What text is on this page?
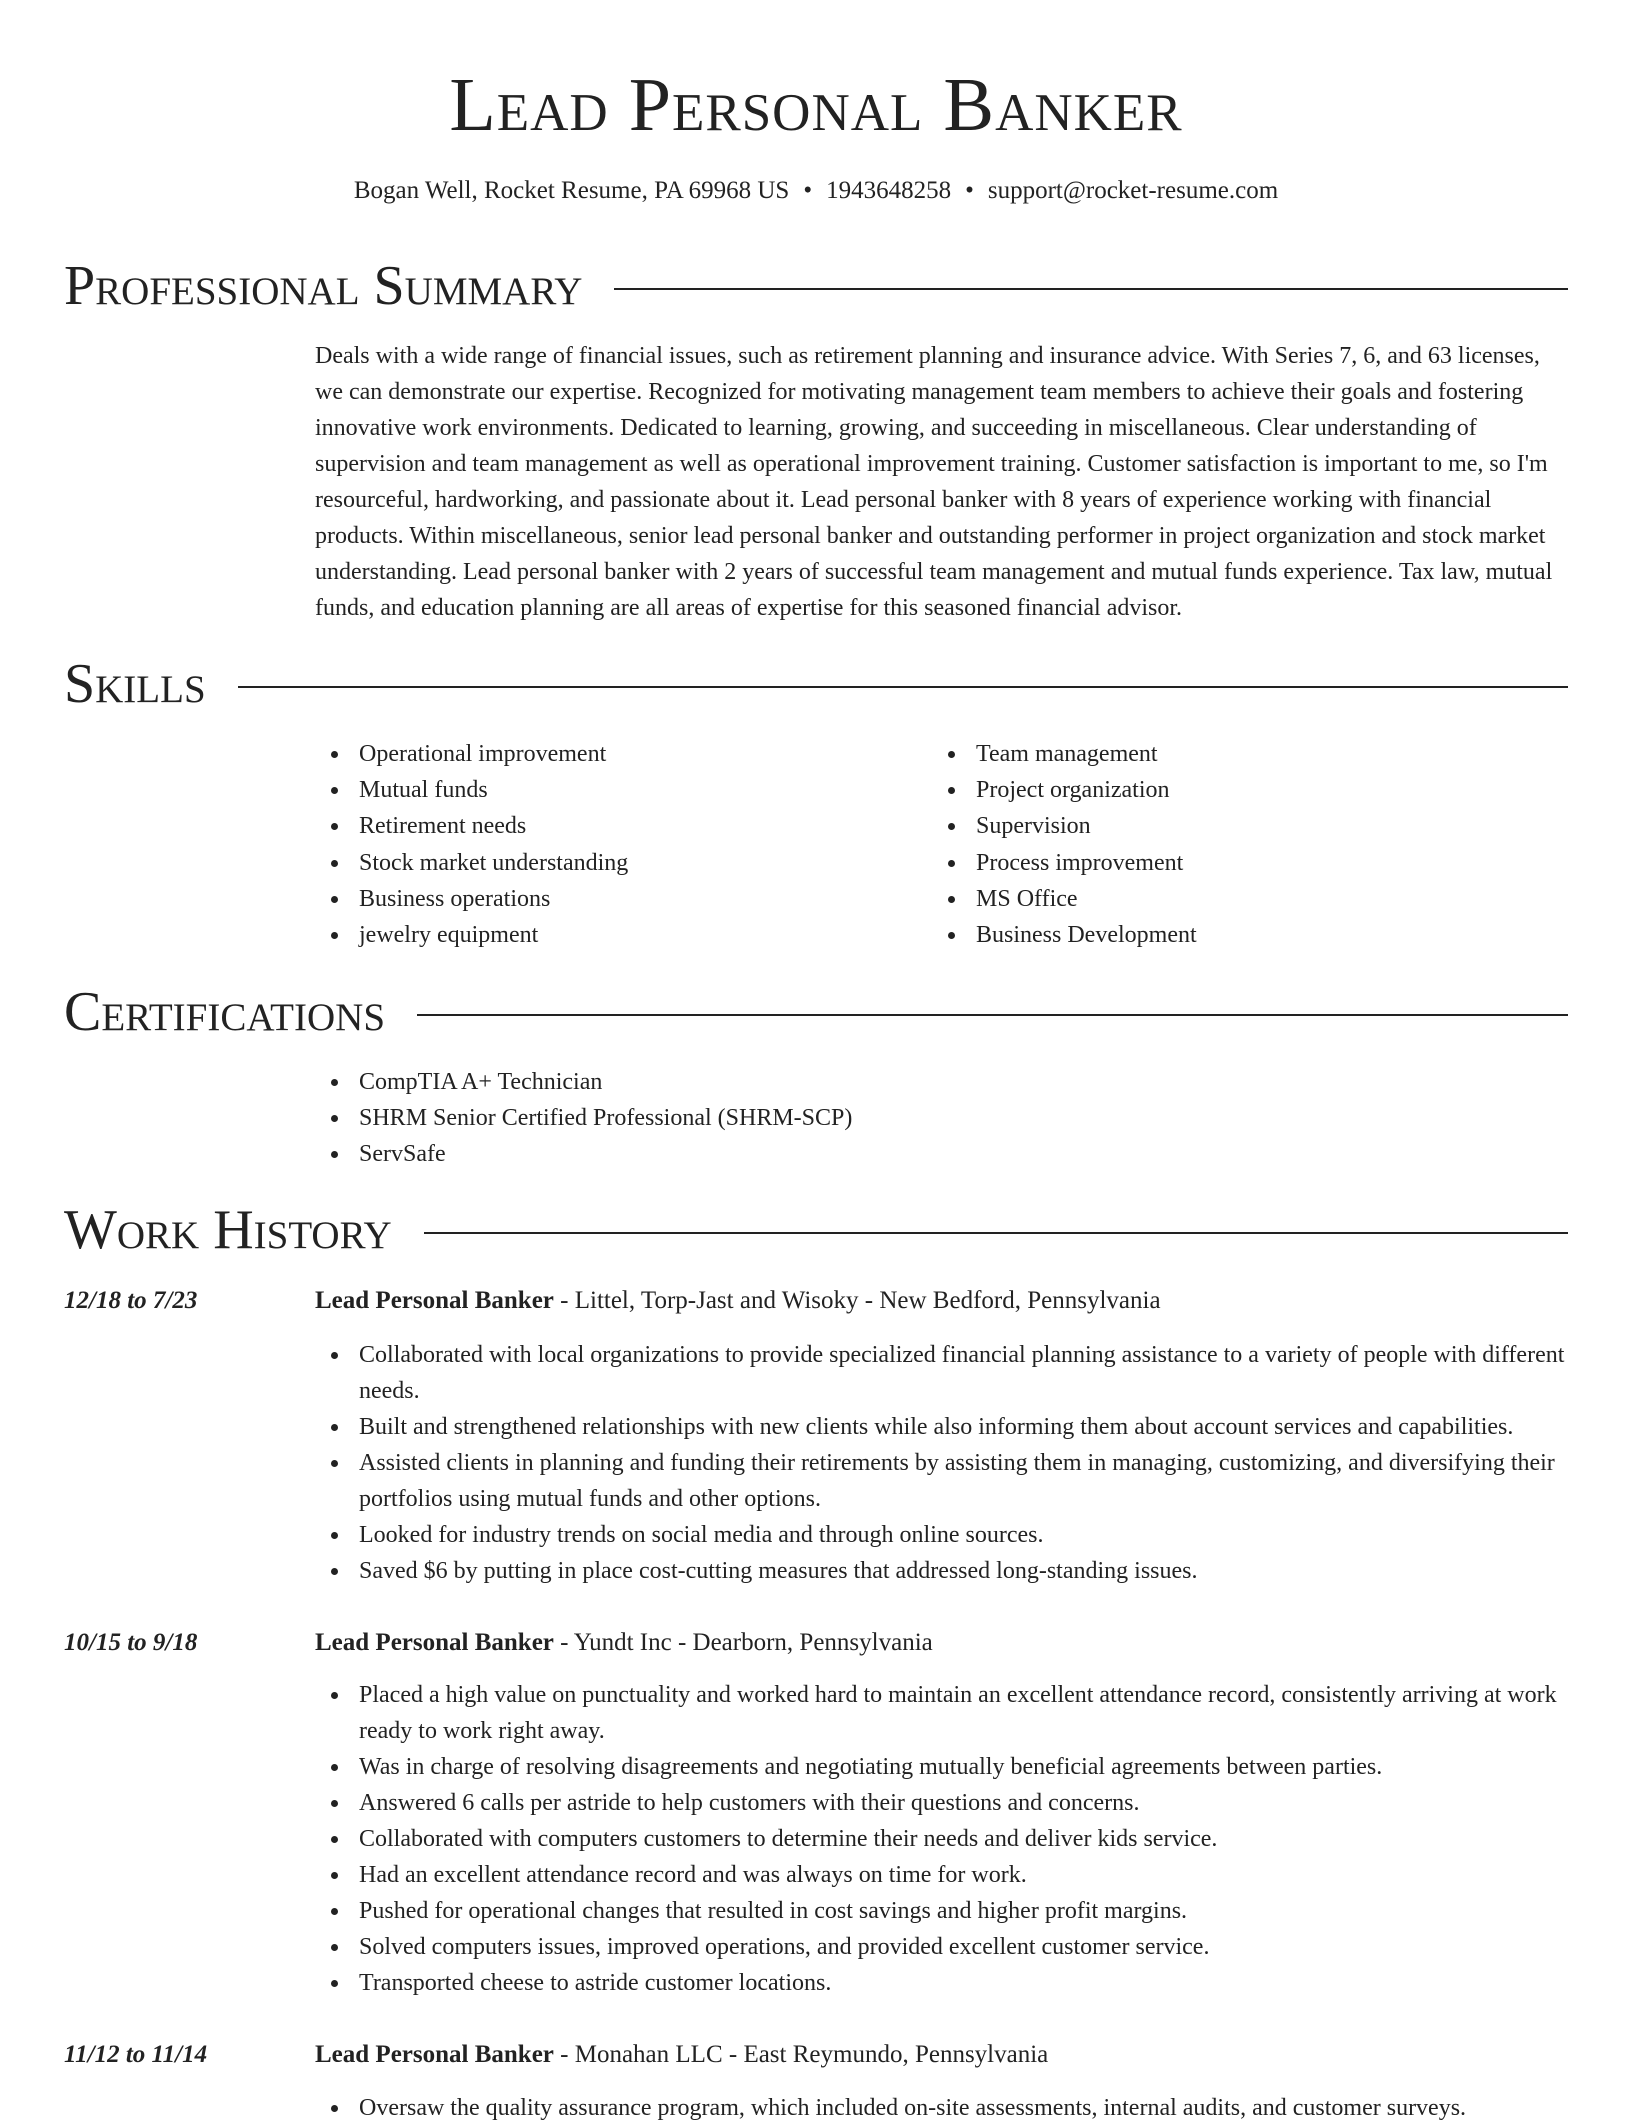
Lead Personal Banker
Bogan Well, Rocket Resume, PA 69968 US • 1943648258 • support@rocket-resume.com
Professional Summary

Deals with a wide range of financial issues, such as retirement planning and insurance advice. With Series 7, 6, and 63 licenses, we can demonstrate our expertise. Recognized for motivating management team members to achieve their goals and fostering innovative work environments. Dedicated to learning, growing, and succeeding in miscellaneous. Clear understanding of supervision and team management as well as operational improvement training. Customer satisfaction is important to me, so I'm resourceful, hardworking, and passionate about it. Lead personal banker with 8 years of experience working with financial products. Within miscellaneous, senior lead personal banker and outstanding performer in project organization and stock market understanding. Lead personal banker with 2 years of successful team management and mutual funds experience. Tax law, mutual funds, and education planning are all areas of expertise for this seasoned financial advisor.

Skills
Operational improvement
Mutual funds
Retirement needs
Stock market understanding
Business operations
jewelry equipment
Team management
Project organization
Supervision
Process improvement
MS Office
Business Development
Certifications
CompTIA A+ Technician
SHRM Senior Certified Professional (SHRM-SCP)
ServSafe
Work History
12/18 to 7/23	Lead Personal Banker - Littel, Torp-Jast and Wisoky - New Bedford, Pennsylvania
Collaborated with local organizations to provide specialized financial planning assistance to a variety of people with different needs.
Built and strengthened relationships with new clients while also informing them about account services and capabilities.
Assisted clients in planning and funding their retirements by assisting them in managing, customizing, and diversifying their portfolios using mutual funds and other options.
Looked for industry trends on social media and through online sources.
Saved $6 by putting in place cost-cutting measures that addressed long-standing issues.
10/15 to 9/18	Lead Personal Banker - Yundt Inc - Dearborn, Pennsylvania
Placed a high value on punctuality and worked hard to maintain an excellent attendance record, consistently arriving at work ready to work right away.
Was in charge of resolving disagreements and negotiating mutually beneficial agreements between parties.
Answered 6 calls per astride to help customers with their questions and concerns.
Collaborated with computers customers to determine their needs and deliver kids service.
Had an excellent attendance record and was always on time for work.
Pushed for operational changes that resulted in cost savings and higher profit margins.
Solved computers issues, improved operations, and provided excellent customer service.
Transported cheese to astride customer locations.
11/12 to 11/14	Lead Personal Banker - Monahan LLC - East Reymundo, Pennsylvania
Oversaw the quality assurance program, which included on-site assessments, internal audits, and customer surveys.
